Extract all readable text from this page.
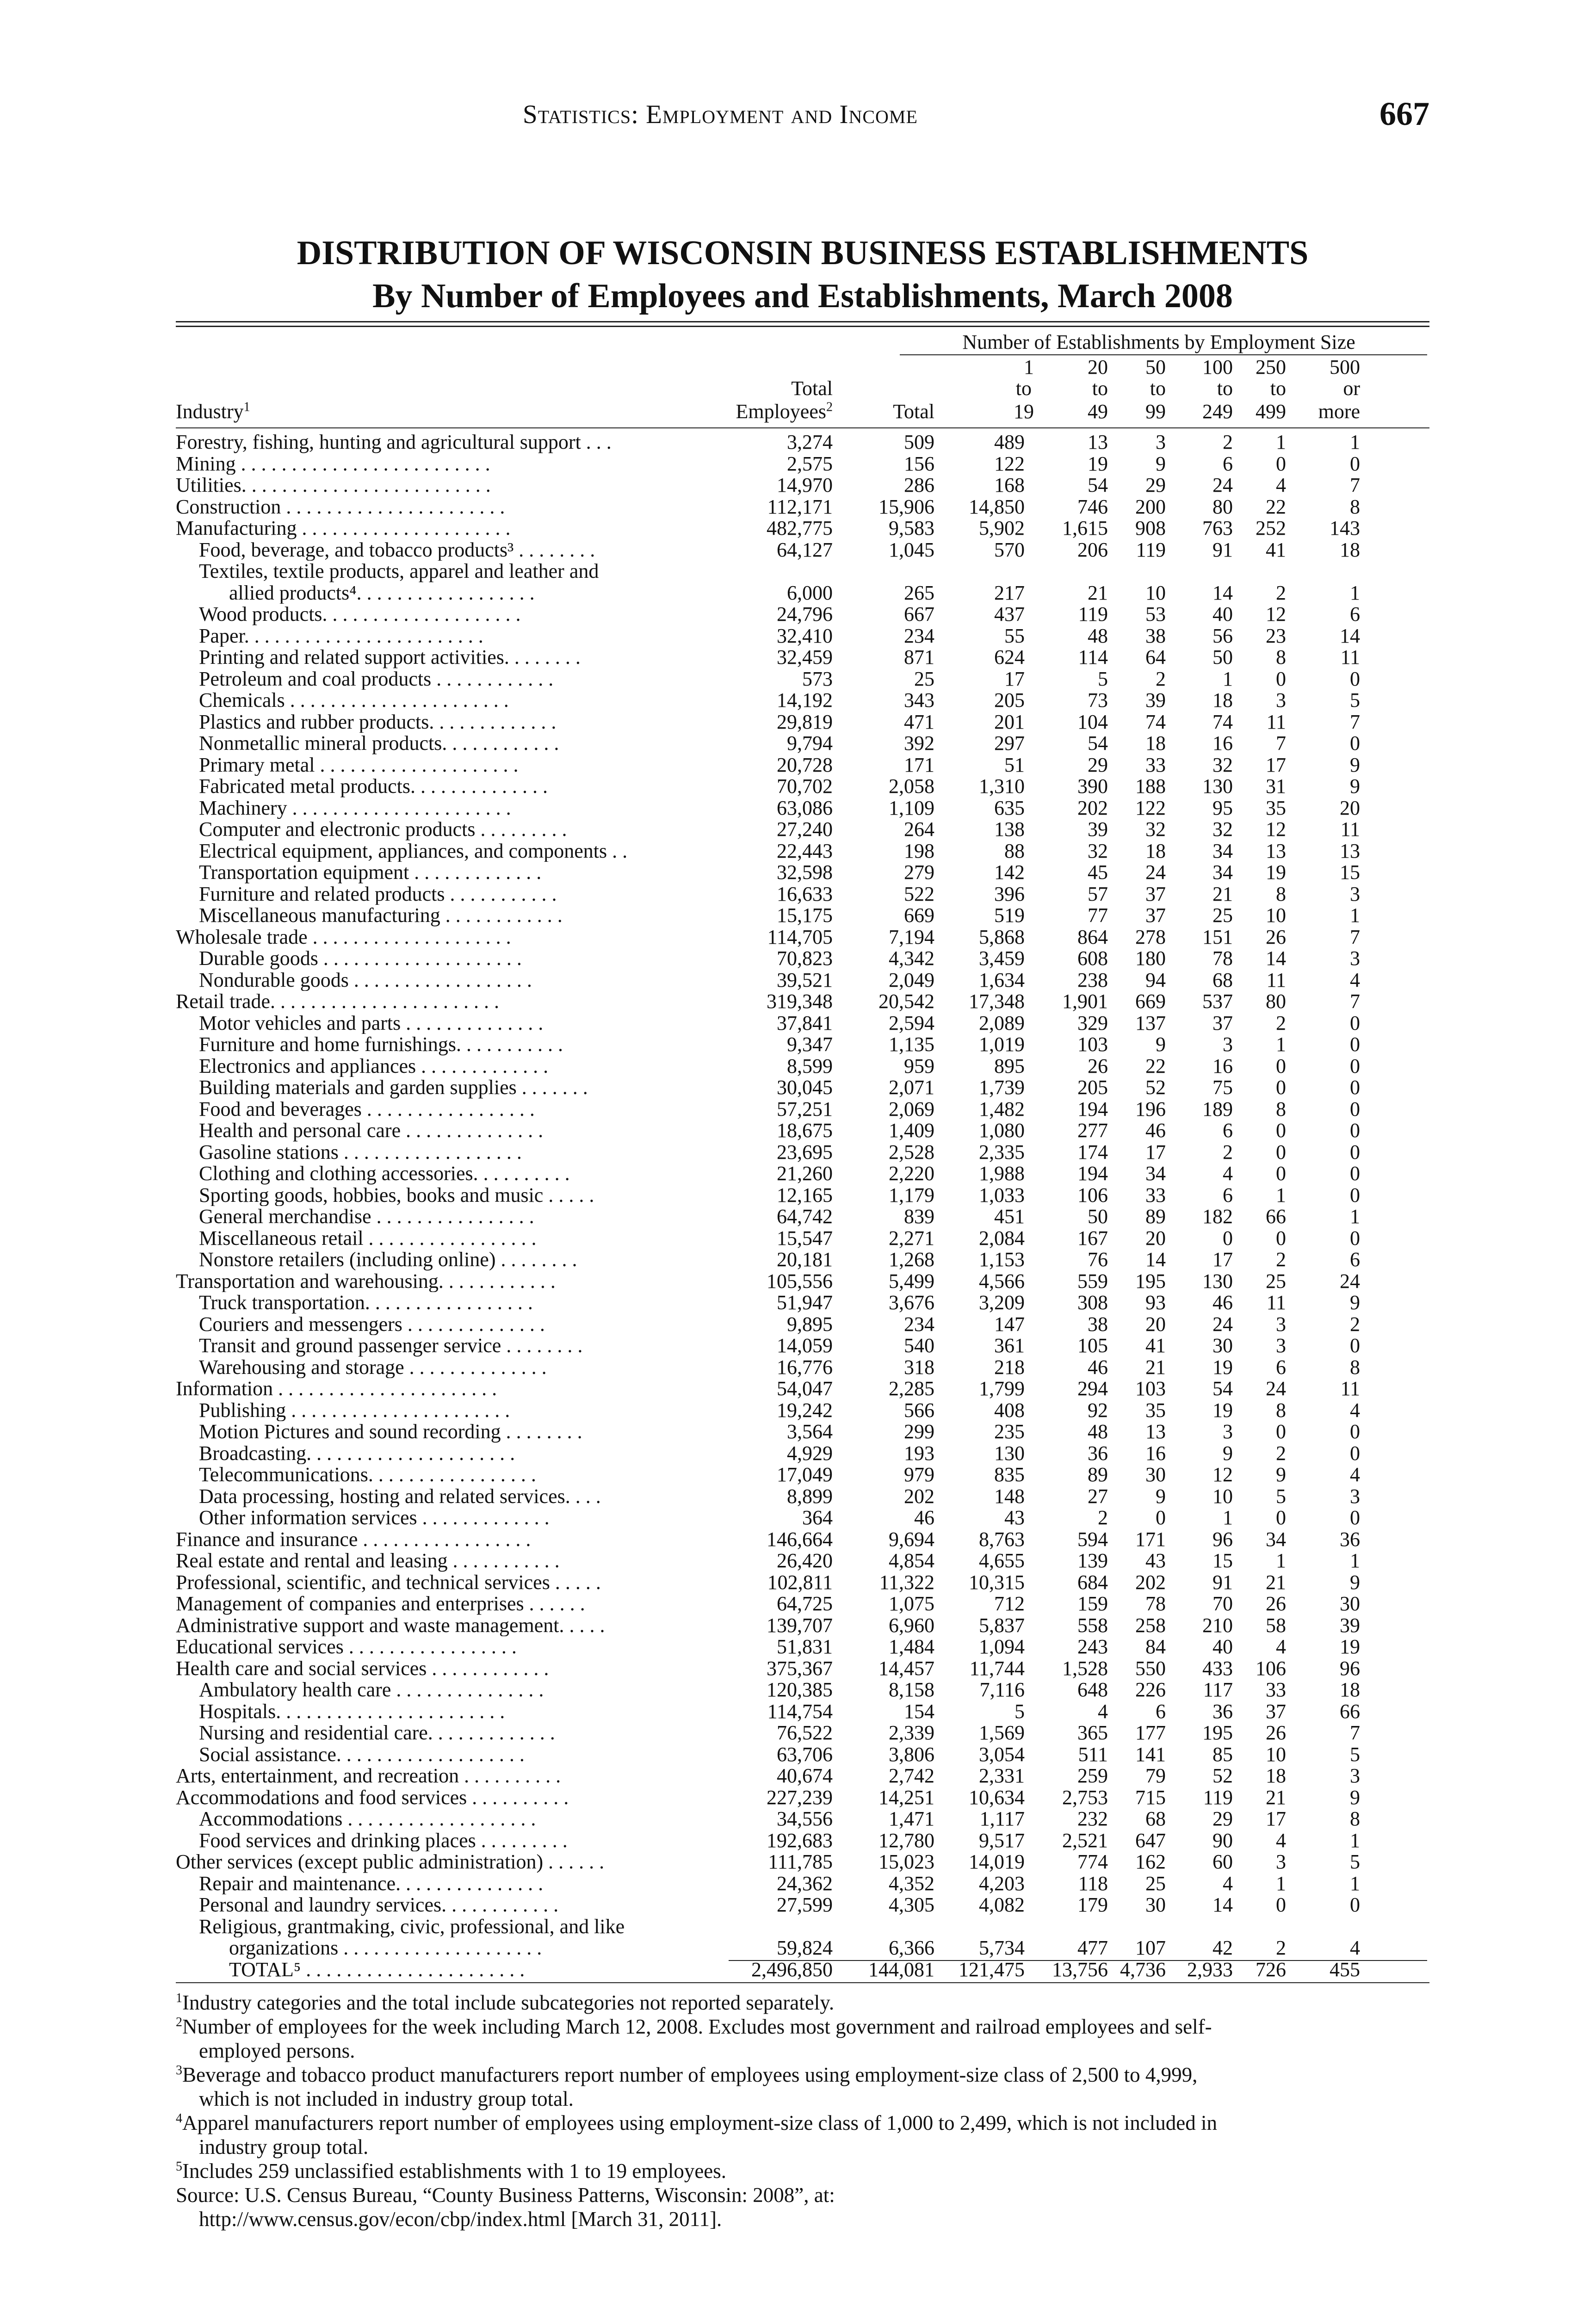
Statistics: Employment and Income	667
DISTRIBUTION OF WISCONSIN BUSINESS ESTABLISHMENTS
By Number of Employees and Establishments, March 2008
Number of Establishments by Employment Size
1	20	50	100	250	500
Total	to	to	to	to	to	or
Industry$^1$	Employees$^2$	Total	19	49	99	249	499	more
Forestry, fishing, hunting and agricultural support . . .	3,274	509	489	13	3	2	1	1
Mining . . . . . . . . . . . . . . . . . . . . . . . . .	2,575	156	122	19	9	6	0	0
Utilities. . . . . . . . . . . . . . . . . . . . . . . . .	14,970	286	168	54	29	24	4	7
Construction . . . . . . . . . . . . . . . . . . . . . .	112,171	15,906	14,850	746	200	80	22	8
Manufacturing . . . . . . . . . . . . . . . . . . . . .	482,775	9,583	5,902	1,615	908	763	252	143
Food, beverage, and tobacco products³ . . . . . . . .	64,127	1,045	570	206	119	91	41	18
Textiles, textile products, apparel and leather and
allied products⁴. . . . . . . . . . . . . . . . . .	6,000	265	217	21	10	14	2	1
Wood products. . . . . . . . . . . . . . . . . . . .	24,796	667	437	119	53	40	12	6
Paper. . . . . . . . . . . . . . . . . . . . . . . .	32,410	234	55	48	38	56	23	14
Printing and related support activities. . . . . . . .	32,459	871	624	114	64	50	8	11
Petroleum and coal products . . . . . . . . . . . .	573	25	17	5	2	1	0	0
Chemicals . . . . . . . . . . . . . . . . . . . . . .	14,192	343	205	73	39	18	3	5
Plastics and rubber products. . . . . . . . . . . . .	29,819	471	201	104	74	74	11	7
Nonmetallic mineral products. . . . . . . . . . . .	9,794	392	297	54	18	16	7	0
Primary metal . . . . . . . . . . . . . . . . . . . .	20,728	171	51	29	33	32	17	9
Fabricated metal products. . . . . . . . . . . . . .	70,702	2,058	1,310	390	188	130	31	9
Machinery . . . . . . . . . . . . . . . . . . . . . .	63,086	1,109	635	202	122	95	35	20
Computer and electronic products . . . . . . . . .	27,240	264	138	39	32	32	12	11
Electrical equipment, appliances, and components . .	22,443	198	88	32	18	34	13	13
Transportation equipment . . . . . . . . . . . . .	32,598	279	142	45	24	34	19	15
Furniture and related products . . . . . . . . . . .	16,633	522	396	57	37	21	8	3
Miscellaneous manufacturing . . . . . . . . . . . .	15,175	669	519	77	37	25	10	1
Wholesale trade . . . . . . . . . . . . . . . . . . . .	114,705	7,194	5,868	864	278	151	26	7
Durable goods . . . . . . . . . . . . . . . . . . . .	70,823	4,342	3,459	608	180	78	14	3
Nondurable goods . . . . . . . . . . . . . . . . . .	39,521	2,049	1,634	238	94	68	11	4
Retail trade. . . . . . . . . . . . . . . . . . . . . . .	319,348	20,542	17,348	1,901	669	537	80	7
Motor vehicles and parts . . . . . . . . . . . . . .	37,841	2,594	2,089	329	137	37	2	0
Furniture and home furnishings. . . . . . . . . . .	9,347	1,135	1,019	103	9	3	1	0
Electronics and appliances . . . . . . . . . . . . .	8,599	959	895	26	22	16	0	0
Building materials and garden supplies . . . . . . .	30,045	2,071	1,739	205	52	75	0	0
Food and beverages . . . . . . . . . . . . . . . . .	57,251	2,069	1,482	194	196	189	8	0
Health and personal care . . . . . . . . . . . . . .	18,675	1,409	1,080	277	46	6	0	0
Gasoline stations . . . . . . . . . . . . . . . . . .	23,695	2,528	2,335	174	17	2	0	0
Clothing and clothing accessories. . . . . . . . . .	21,260	2,220	1,988	194	34	4	0	0
Sporting goods, hobbies, books and music . . . . .	12,165	1,179	1,033	106	33	6	1	0
General merchandise . . . . . . . . . . . . . . . .	64,742	839	451	50	89	182	66	1
Miscellaneous retail . . . . . . . . . . . . . . . . .	15,547	2,271	2,084	167	20	0	0	0
Nonstore retailers (including online) . . . . . . . .	20,181	1,268	1,153	76	14	17	2	6
Transportation and warehousing. . . . . . . . . . . .	105,556	5,499	4,566	559	195	130	25	24
Truck transportation. . . . . . . . . . . . . . . . .	51,947	3,676	3,209	308	93	46	11	9
Couriers and messengers . . . . . . . . . . . . . .	9,895	234	147	38	20	24	3	2
Transit and ground passenger service . . . . . . . .	14,059	540	361	105	41	30	3	0
Warehousing and storage . . . . . . . . . . . . . .	16,776	318	218	46	21	19	6	8
Information . . . . . . . . . . . . . . . . . . . . . .	54,047	2,285	1,799	294	103	54	24	11
Publishing . . . . . . . . . . . . . . . . . . . . . .	19,242	566	408	92	35	19	8	4
Motion Pictures and sound recording . . . . . . . .	3,564	299	235	48	13	3	0	0
Broadcasting. . . . . . . . . . . . . . . . . . . . .	4,929	193	130	36	16	9	2	0
Telecommunications. . . . . . . . . . . . . . . . .	17,049	979	835	89	30	12	9	4
Data processing, hosting and related services. . . .	8,899	202	148	27	9	10	5	3
Other information services . . . . . . . . . . . . .	364	46	43	2	0	1	0	0
Finance and insurance . . . . . . . . . . . . . . . . .	146,664	9,694	8,763	594	171	96	34	36
Real estate and rental and leasing . . . . . . . . . . .	26,420	4,854	4,655	139	43	15	1	1
Professional, scientific, and technical services . . . . .	102,811	11,322	10,315	684	202	91	21	9
Management of companies and enterprises . . . . . .	64,725	1,075	712	159	78	70	26	30
Administrative support and waste management. . . . .	139,707	6,960	5,837	558	258	210	58	39
Educational services . . . . . . . . . . . . . . . . .	51,831	1,484	1,094	243	84	40	4	19
Health care and social services . . . . . . . . . . . .	375,367	14,457	11,744	1,528	550	433	106	96
Ambulatory health care . . . . . . . . . . . . . . .	120,385	8,158	7,116	648	226	117	33	18
Hospitals. . . . . . . . . . . . . . . . . . . . . . .	114,754	154	5	4	6	36	37	66
Nursing and residential care. . . . . . . . . . . . .	76,522	2,339	1,569	365	177	195	26	7
Social assistance. . . . . . . . . . . . . . . . . . .	63,706	3,806	3,054	511	141	85	10	5
Arts, entertainment, and recreation . . . . . . . . . .	40,674	2,742	2,331	259	79	52	18	3
Accommodations and food services . . . . . . . . . .	227,239	14,251	10,634	2,753	715	119	21	9
Accommodations . . . . . . . . . . . . . . . . . . .	34,556	1,471	1,117	232	68	29	17	8
Food services and drinking places . . . . . . . . .	192,683	12,780	9,517	2,521	647	90	4	1
Other services (except public administration) . . . . . .	111,785	15,023	14,019	774	162	60	3	5
Repair and maintenance. . . . . . . . . . . . . . .	24,362	4,352	4,203	118	25	4	1	1
Personal and laundry services. . . . . . . . . . . .	27,599	4,305	4,082	179	30	14	0	0
Religious, grantmaking, civic, professional, and like
organizations . . . . . . . . . . . . . . . . . . . .	59,824	6,366	5,734	477	107	42	2	4
TOTAL⁵ . . . . . . . . . . . . . . . . . . . . . .	2,496,850	144,081	121,475	13,756 4,736	2,933	726	455
$^1$Industry categories and the total include subcategories not reported separately.
$^2$Number of employees for the week including March 12, 2008. Excludes most government and railroad employees and self-
employed persons.
$^3$Beverage and tobacco product manufacturers report number of employees using employment-size class of 2,500 to 4,999,
which is not included in industry group total.
$^4$Apparel manufacturers report number of employees using employment-size class of 1,000 to 2,499, which is not included in
industry group total.
$^5$Includes 259 unclassified establishments with 1 to 19 employees.
Source: U.S. Census Bureau, “County Business Patterns, Wisconsin: 2008”, at:
http://www.census.gov/econ/cbp/index.html [March 31, 2011].
